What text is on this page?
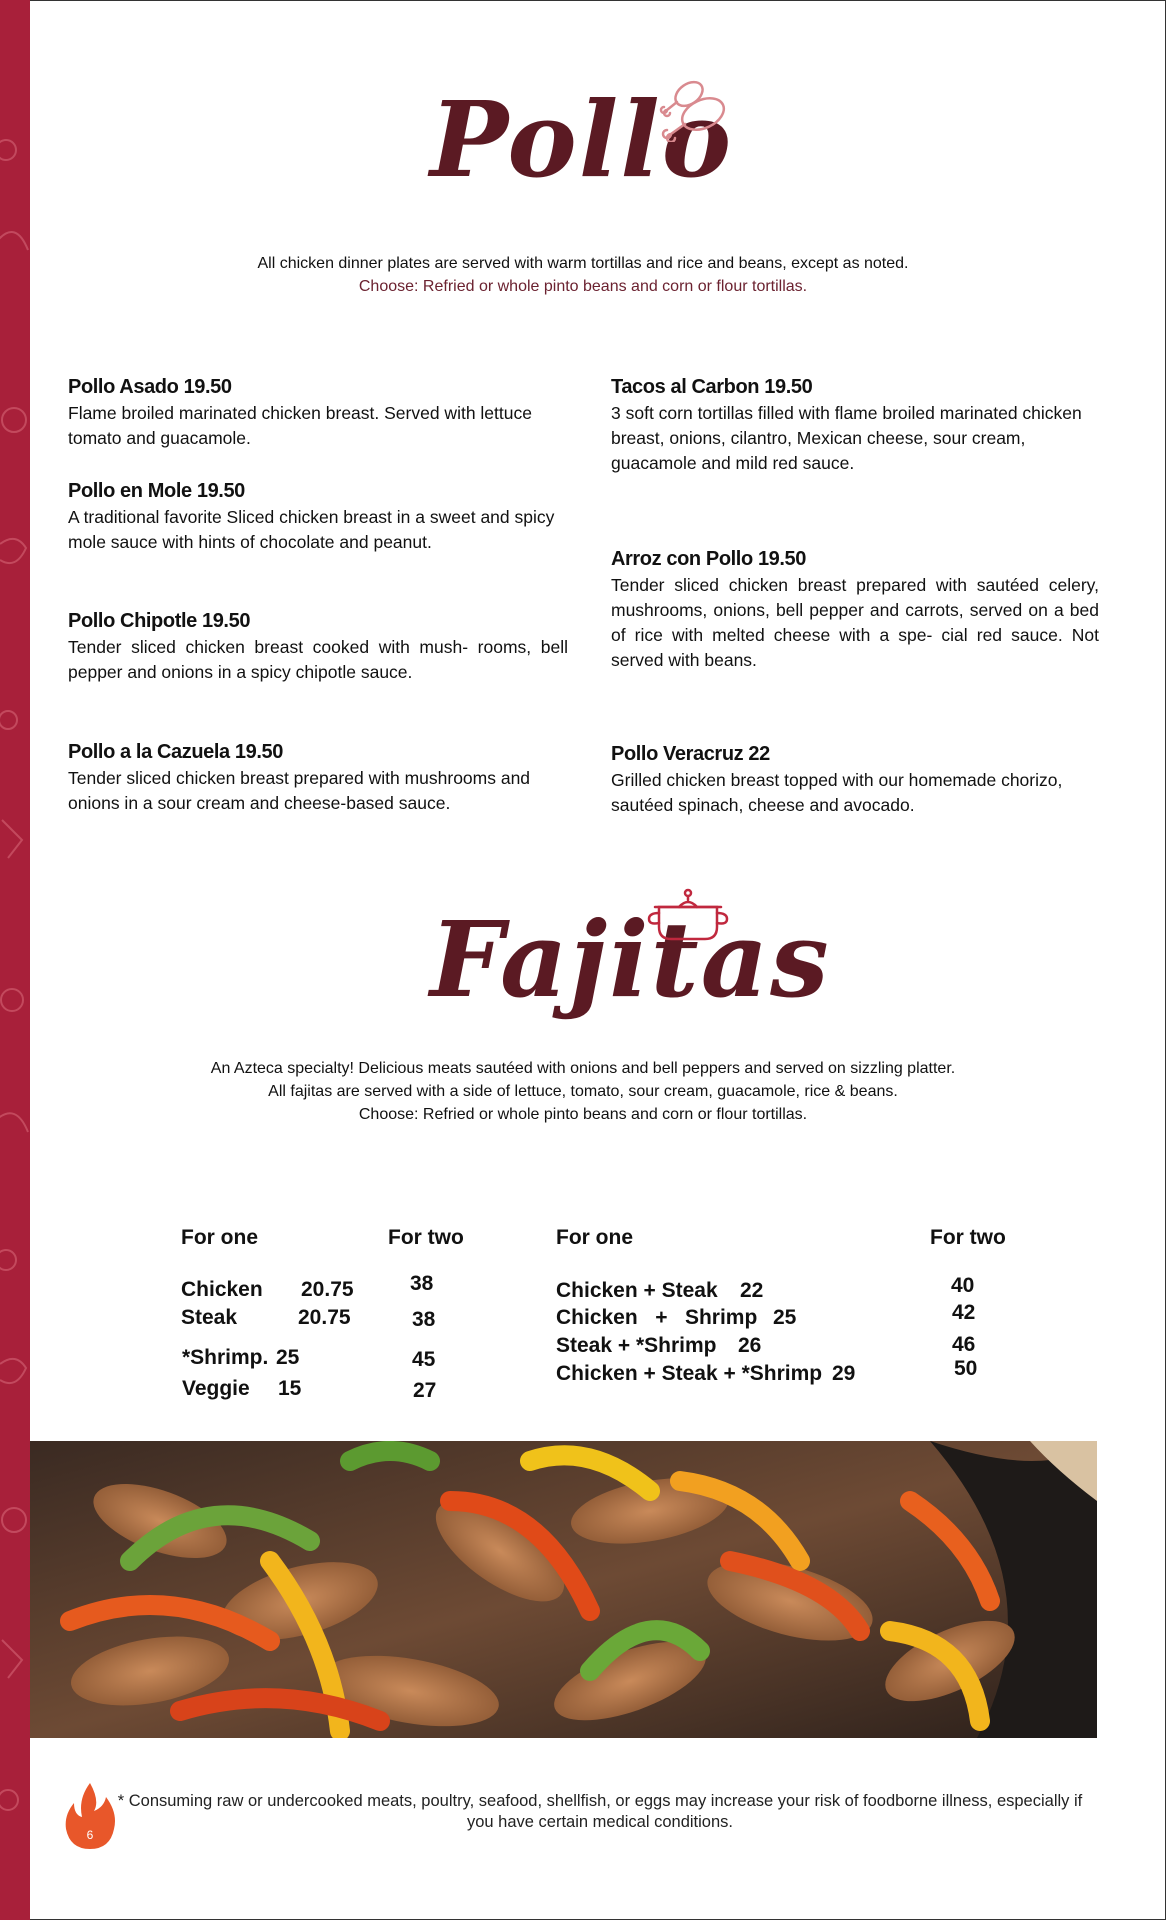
Pollo
All chicken dinner plates are served with warm tortillas and rice and beans, except as noted.
Choose: Refried or whole pinto beans and corn or flour tortillas.
Pollo Asado 19.50
Flame broiled marinated chicken breast. Served with lettuce tomato and guacamole.
Pollo en Mole 19.50
A traditional favorite Sliced chicken breast in a sweet and spicy mole sauce with hints of chocolate and peanut.
Pollo Chipotle 19.50
Tender sliced chicken breast cooked with mush- rooms, bell pepper and onions in a spicy chipotle sauce.
Pollo a la Cazuela 19.50
Tender sliced chicken breast prepared with mushrooms and onions in a sour cream and cheese-based sauce.
Tacos al Carbon 19.50
3 soft corn tortillas filled with flame broiled marinated chicken breast, onions, cilantro, Mexican cheese, sour cream, guacamole and mild red sauce.
Arroz con Pollo 19.50
Tender sliced chicken breast prepared with sautéed celery, mushrooms, onions, bell pepper and carrots, served on a bed of rice with melted cheese with a spe- cial red sauce. Not served with beans.
Pollo Veracruz 22
Grilled chicken breast topped with our homemade chorizo, sautéed spinach, cheese and avocado.
Fajitas
An Azteca specialty! Delicious meats sautéed with onions and bell peppers and served on sizzling platter.
All fajitas are served with a side of lettuce, tomato, sour cream, guacamole, rice & beans.
Choose: Refried or whole pinto beans and corn or flour tortillas.
For one	For two	For one	For two
Chicken 20.75	38
Steak	20.75	38
*Shrimp. 25	45
Veggie 15	27
Chicken + Steak 22	40
Chicken   +   Shrimp 25	42
Steak + *Shrimp 26	46
Chicken + Steak + *Shrimp 29	50
6
* Consuming raw or undercooked meats, poultry, seafood, shellfish, or eggs may increase your risk of foodborne illness, especially if you have certain medical conditions.
